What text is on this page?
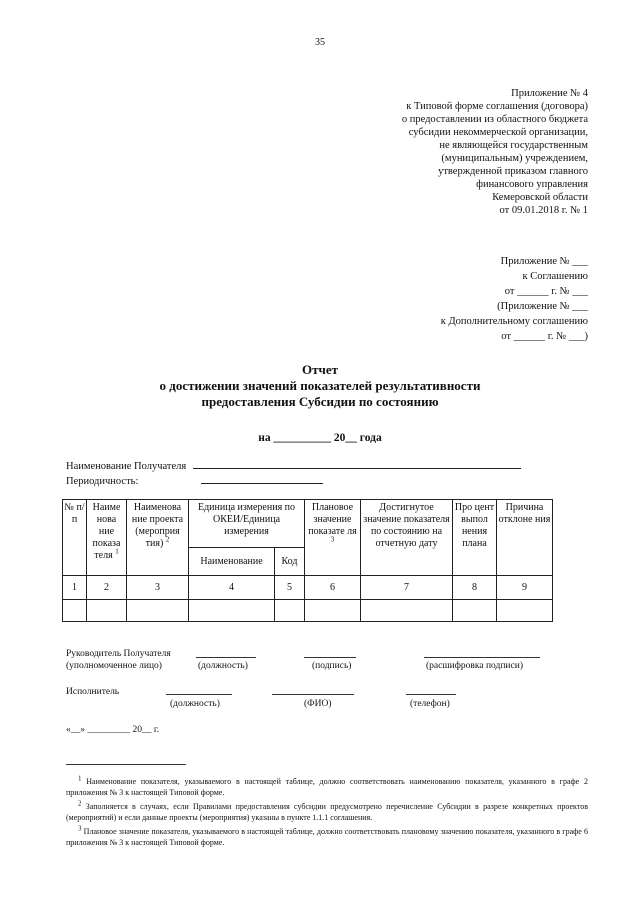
35
Приложение № 4
к Типовой форме соглашения (договора)
о предоставлении из областного бюджета
субсидии некоммерческой организации,
не являющейся государственным
(муниципальным) учреждением,
утвержденной приказом главного
финансового управления
Кемеровской области
от 09.01.2018 г. № 1
Приложение № ___
к Соглашению
от ______ г. № ___
(Приложение № ___
к Дополнительному соглашению
от ______ г. № ___)
Отчет
о достижении значений показателей результативности
предоставления Субсидии по состоянию
на __________ 20__ года
Наименование Получателя
Периодичность:
№ п/п	Наиме нова ние показа теля $^1$	Наименова ние проекта (мероприя тия) $^2$	Единица измерения по ОКЕИ/Единица измерения		Плановое значение показате ля $^3$	Достигнутое значение показателя по состоянию на отчетную дату	Про цент выпол нения плана	Причина отклоне ния
			Наименование	Код				
1	2	3	4	5	6	7	8	9

Руководитель Получателя
(уполномоченное лицо)	(должность)	(подпись)	(расшифровка подписи)
Исполнитель
(должность)	(ФИО)	(телефон)
«__» _________ 20__ г.

$^1$ Наименование показателя, указываемого в настоящей таблице, должно соответствовать наименованию показателя, указанного в графе 2 приложения № 3 к настоящей Типовой форме.

$^2$ Заполняется в случаях, если Правилами предоставления субсидии предусмотрено перечисление Субсидии в разрезе конкретных проектов (мероприятий) и если данные проекты (мероприятия) указаны в пункте 1.1.1 соглашения.

$^3$ Плановое значение показателя, указываемого в настоящей таблице, должно соответствовать плановому значению показателя, указанного в графе 6 приложения № 3 к настоящей Типовой форме.
